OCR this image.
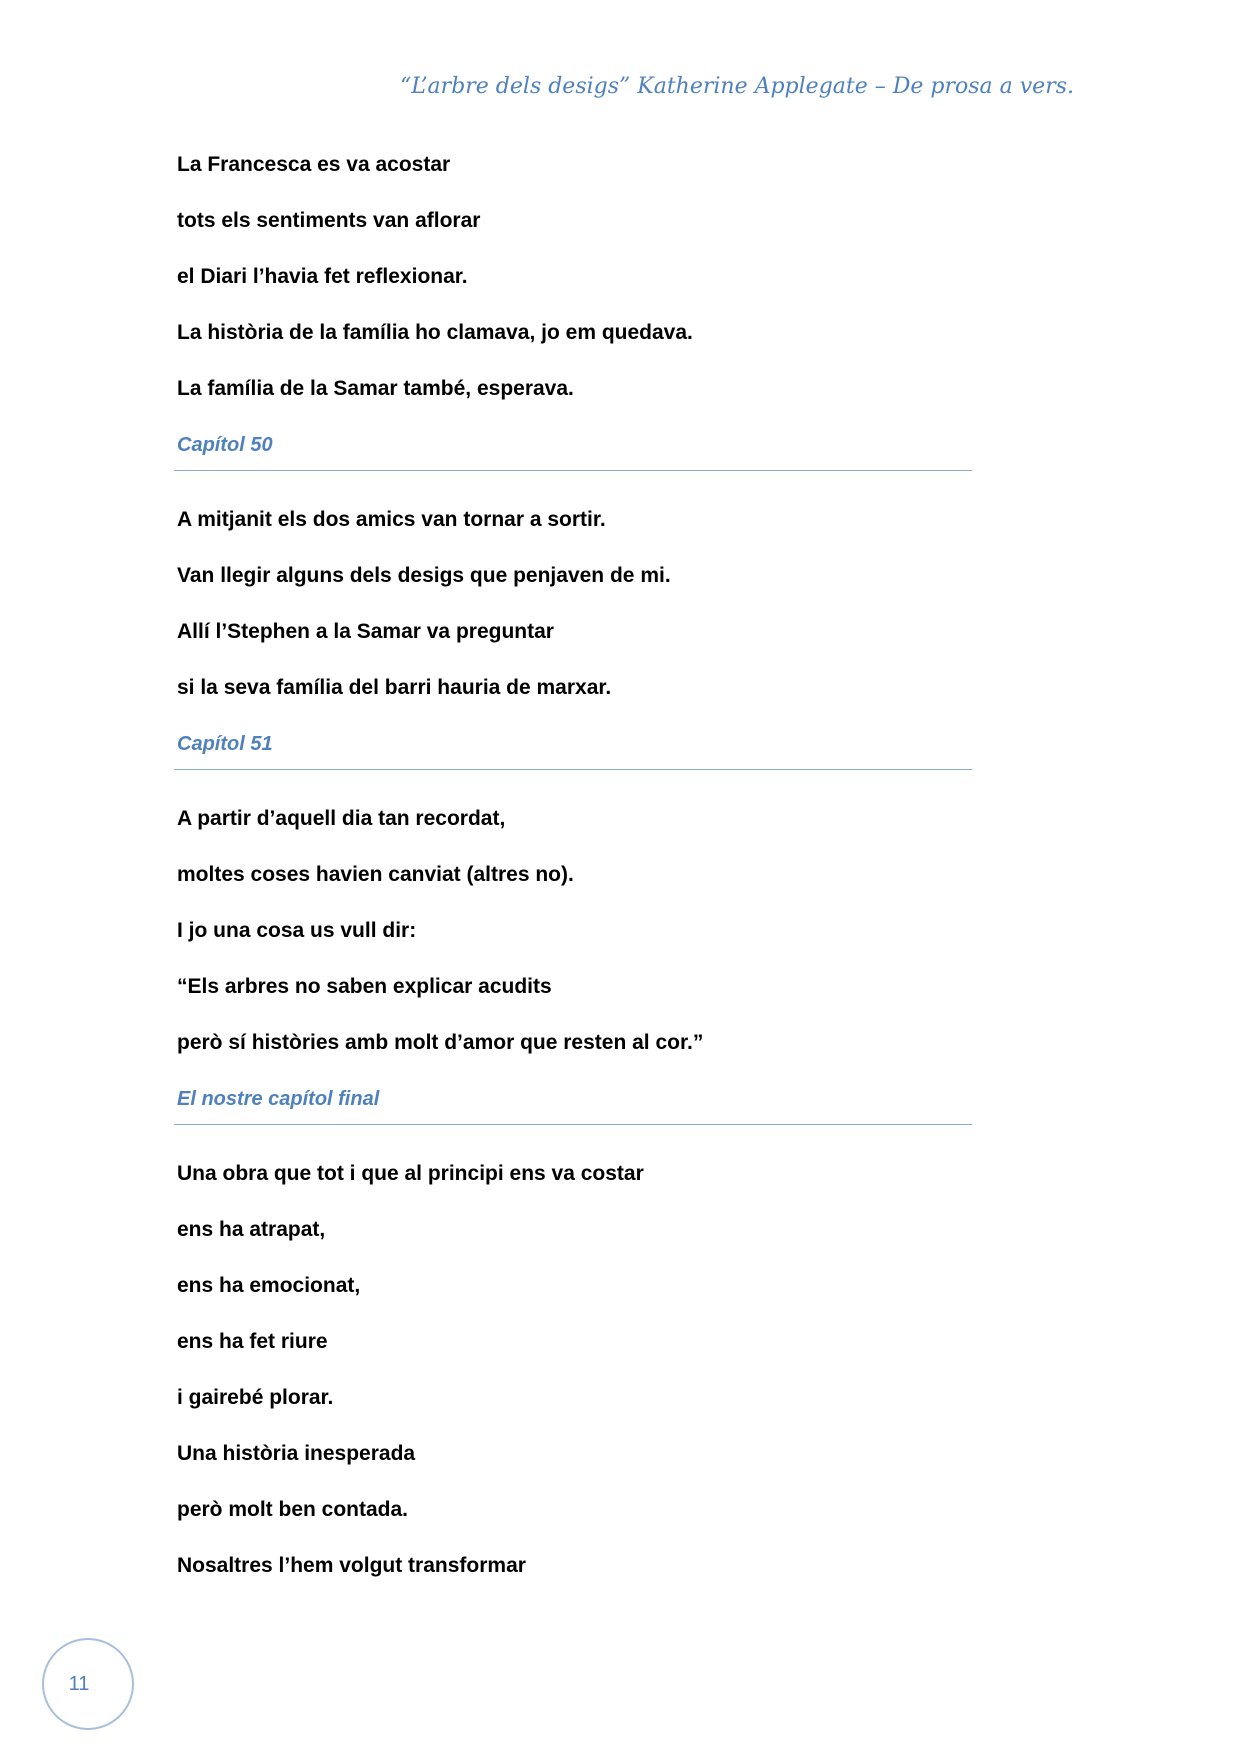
“L’arbre dels desigs” Katherine Applegate – De prosa a vers.
La Francesca es va acostar
tots els sentiments van aflorar
el Diari l’havia fet reflexionar.
La història de la família ho clamava, jo em quedava.
La família de la Samar també, esperava.
Capítol 50
A mitjanit els dos amics van tornar a sortir.
Van llegir alguns dels desigs que penjaven de mi.
Allí l’Stephen a la Samar va preguntar
si la seva família del barri hauria de marxar.
Capítol 51
A partir d’aquell dia tan recordat,
moltes coses havien canviat (altres no).
I jo una cosa us vull dir:
“Els arbres no saben explicar acudits
però sí històries amb molt d’amor que resten al cor.”
El nostre capítol final
Una obra que tot i que al principi ens va costar
ens ha atrapat,
ens ha emocionat,
ens ha fet riure
i gairebé plorar.
Una història inesperada
però molt ben contada.
Nosaltres l’hem volgut transformar
11
